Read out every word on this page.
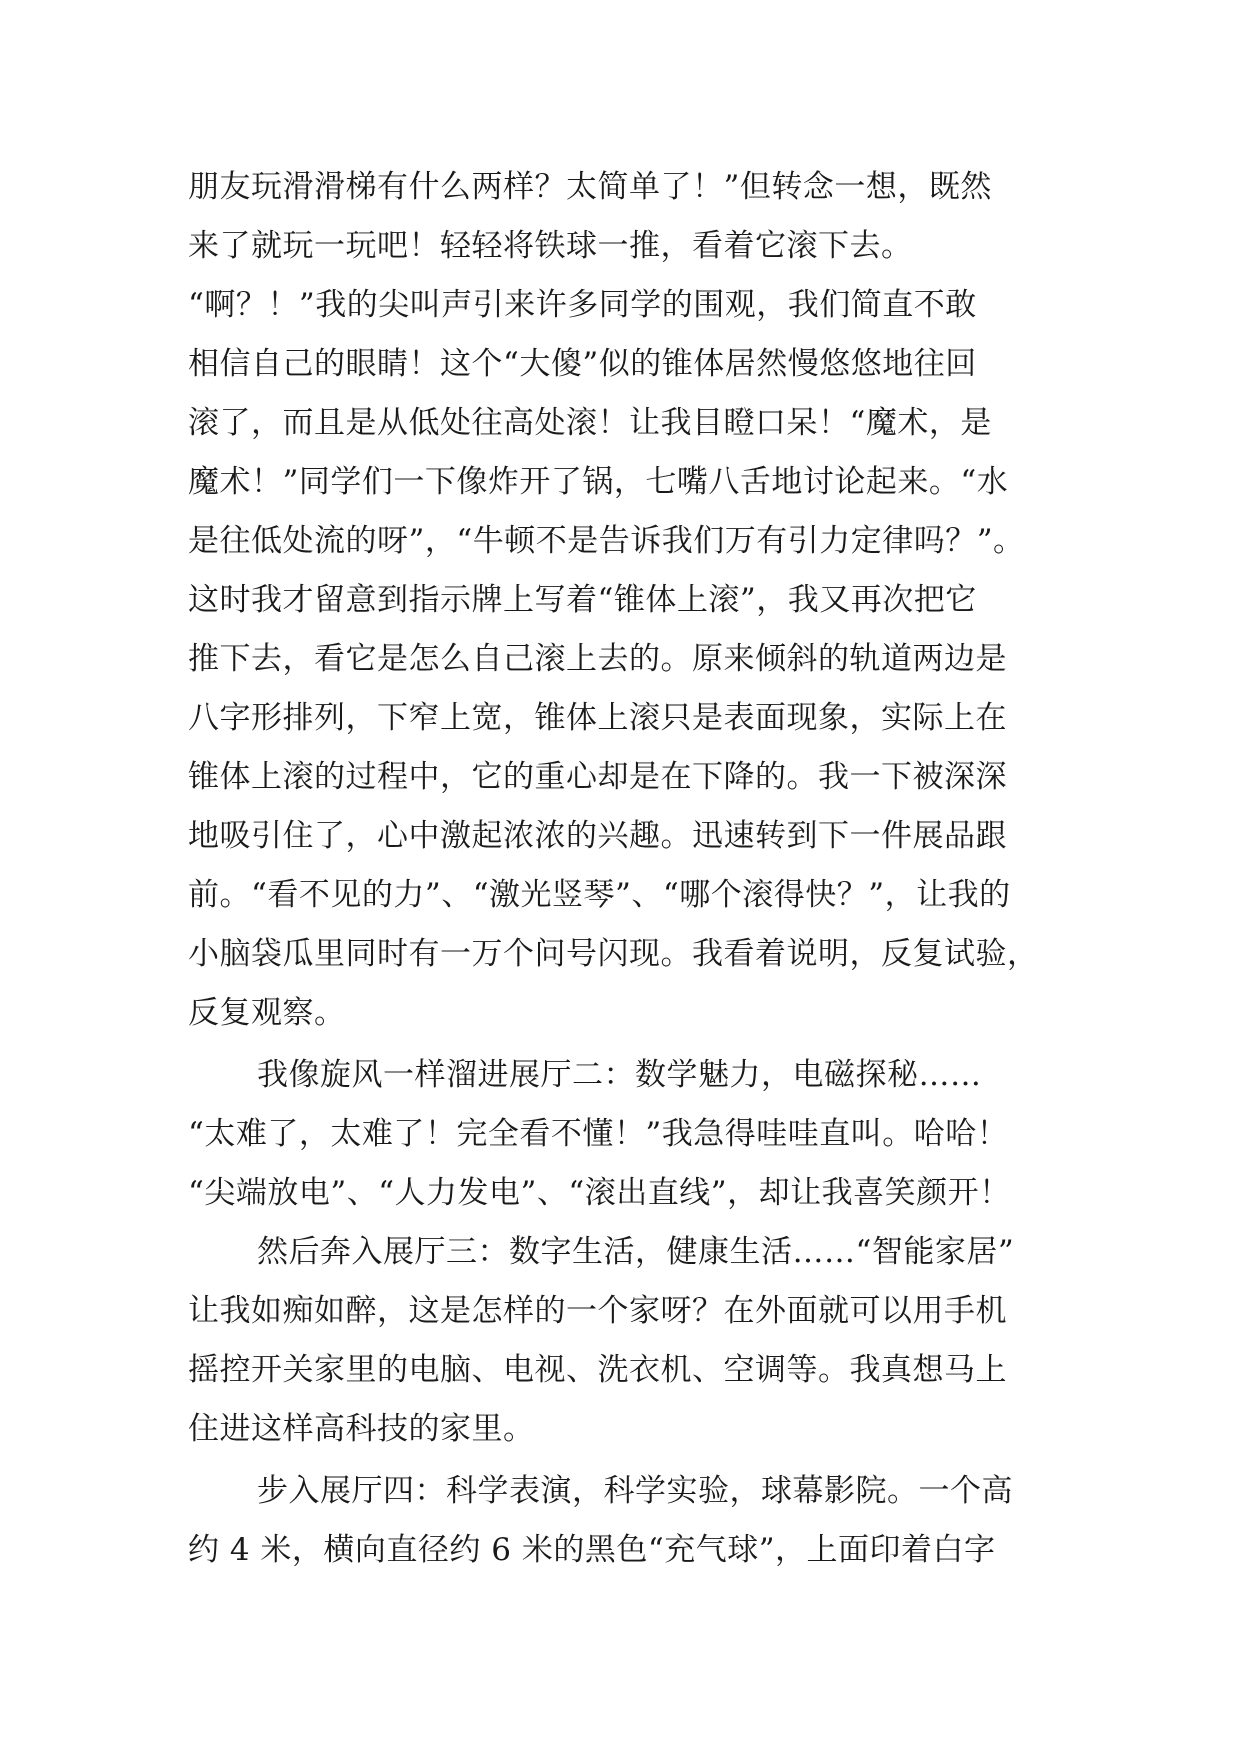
朋友玩滑滑梯有什么两样？太简单了！”但转念一想，既然
来了就玩一玩吧！轻轻将铁球一推，看着它滚下去。
“啊？！”我的尖叫声引来许多同学的围观，我们简直不敢
相信自己的眼睛！这个“大傻”似的锥体居然慢悠悠地往回
滚了，而且是从低处往高处滚！让我目瞪口呆！“魔术，是
魔术！”同学们一下像炸开了锅，七嘴八舌地讨论起来。“水
是往低处流的呀”，“牛顿不是告诉我们万有引力定律吗？”。
这时我才留意到指示牌上写着“锥体上滚”，我又再次把它
推下去，看它是怎么自己滚上去的。原来倾斜的轨道两边是
八字形排列，下窄上宽，锥体上滚只是表面现象，实际上在
锥体上滚的过程中，它的重心却是在下降的。我一下被深深
地吸引住了，心中激起浓浓的兴趣。迅速转到下一件展品跟
前。“看不见的力”、“激光竖琴”、“哪个滚得快？”，让我的
小脑袋瓜里同时有一万个问号闪现。我看着说明，反复试验，
反复观察。
我像旋风一样溜进展厅二：数学魅力，电磁探秘……
“太难了，太难了！完全看不懂！”我急得哇哇直叫。哈哈！
“尖端放电”、“人力发电”、“滚出直线”，却让我喜笑颜开！
然后奔入展厅三：数字生活，健康生活……“智能家居”
让我如痴如醉，这是怎样的一个家呀？在外面就可以用手机
摇控开关家里的电脑、电视、洗衣机、空调等。我真想马上
住进这样高科技的家里。
步入展厅四：科学表演，科学实验，球幕影院。一个高
约 4 米，横向直径约 6 米的黑色“充气球”，上面印着白字
